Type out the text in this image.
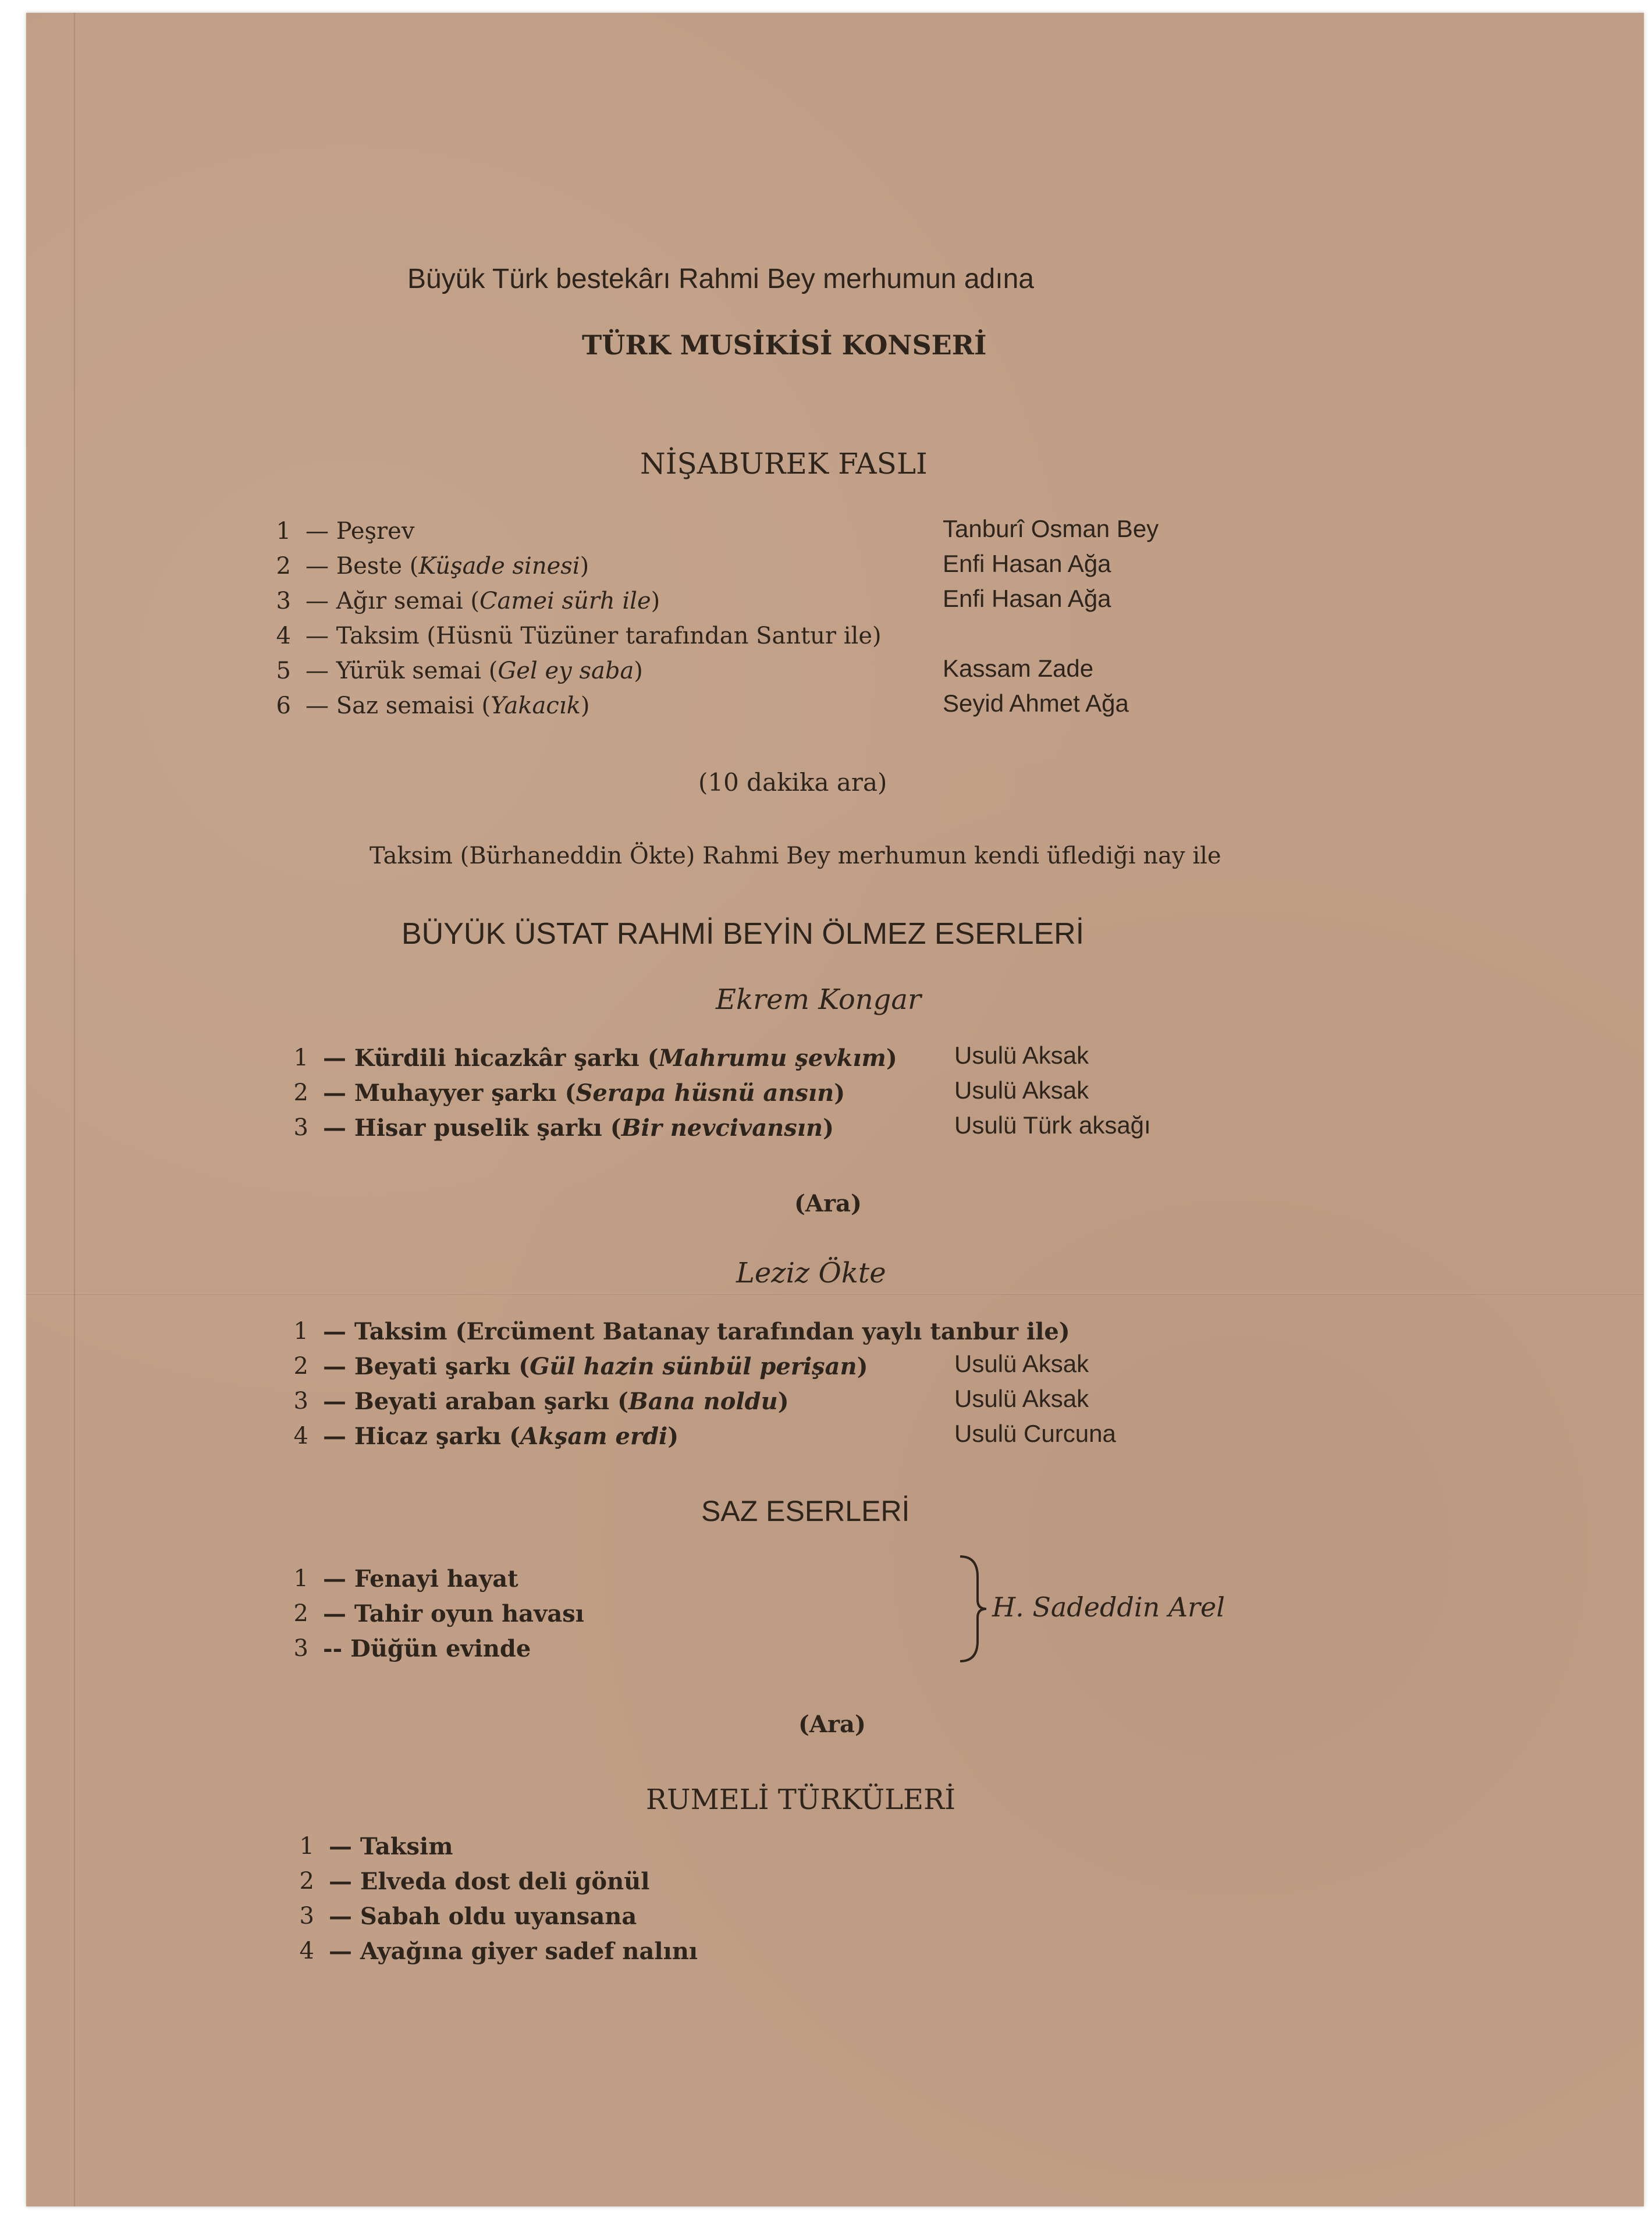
Büyük Türk bestekârı Rahmi Bey merhumun adına
TÜRK MUSİKİSİ KONSERİ
NİŞABUREK FASLI
1 — Peşrev	Tanburî Osman Bey
2 — Beste (Küşade sinesi)	Enfi Hasan Ağa
3 — Ağır semai (Camei sürh ile)	Enfi Hasan Ağa
4 — Taksim (Hüsnü Tüzüner tarafından Santur ile)
5 — Yürük semai (Gel ey saba)	Kassam Zade
6 — Saz semaisi (Yakacık)	Seyid Ahmet Ağa
(10 dakika ara)
Taksim (Bürhaneddin Ökte) Rahmi Bey merhumun kendi üflediği nay ile
BÜYÜK ÜSTAT RAHMİ BEYİN ÖLMEZ ESERLERİ
Ekrem Kongar
1 — Kürdili hicazkâr şarkı (Mahrumu şevkım) Usulü Aksak
2 — Muhayyer şarkı (Serapa hüsnü ansın)	Usulü Aksak
3 — Hisar puselik şarkı (Bir nevcivansın)	Usulü Türk aksağı
(Ara)
Leziz Ökte
1 — Taksim (Ercüment Batanay tarafından yaylı tanbur ile)
2 — Beyati şarkı (Gül hazin sünbül perişan)	Usulü Aksak
3 — Beyati araban şarkı (Bana noldu)	Usulü Aksak
4 — Hicaz şarkı (Akşam erdi)	Usulü Curcuna
SAZ ESERLERİ
1 — Fenayi hayat
2 — Tahir oyun havası
3 -- Düğün evinde
H. Sadeddin Arel
(Ara)
RUMELİ TÜRKÜLERİ
1 — Taksim
2 — Elveda dost deli gönül
3 — Sabah oldu uyansana
4 — Ayağına giyer sadef nalını
